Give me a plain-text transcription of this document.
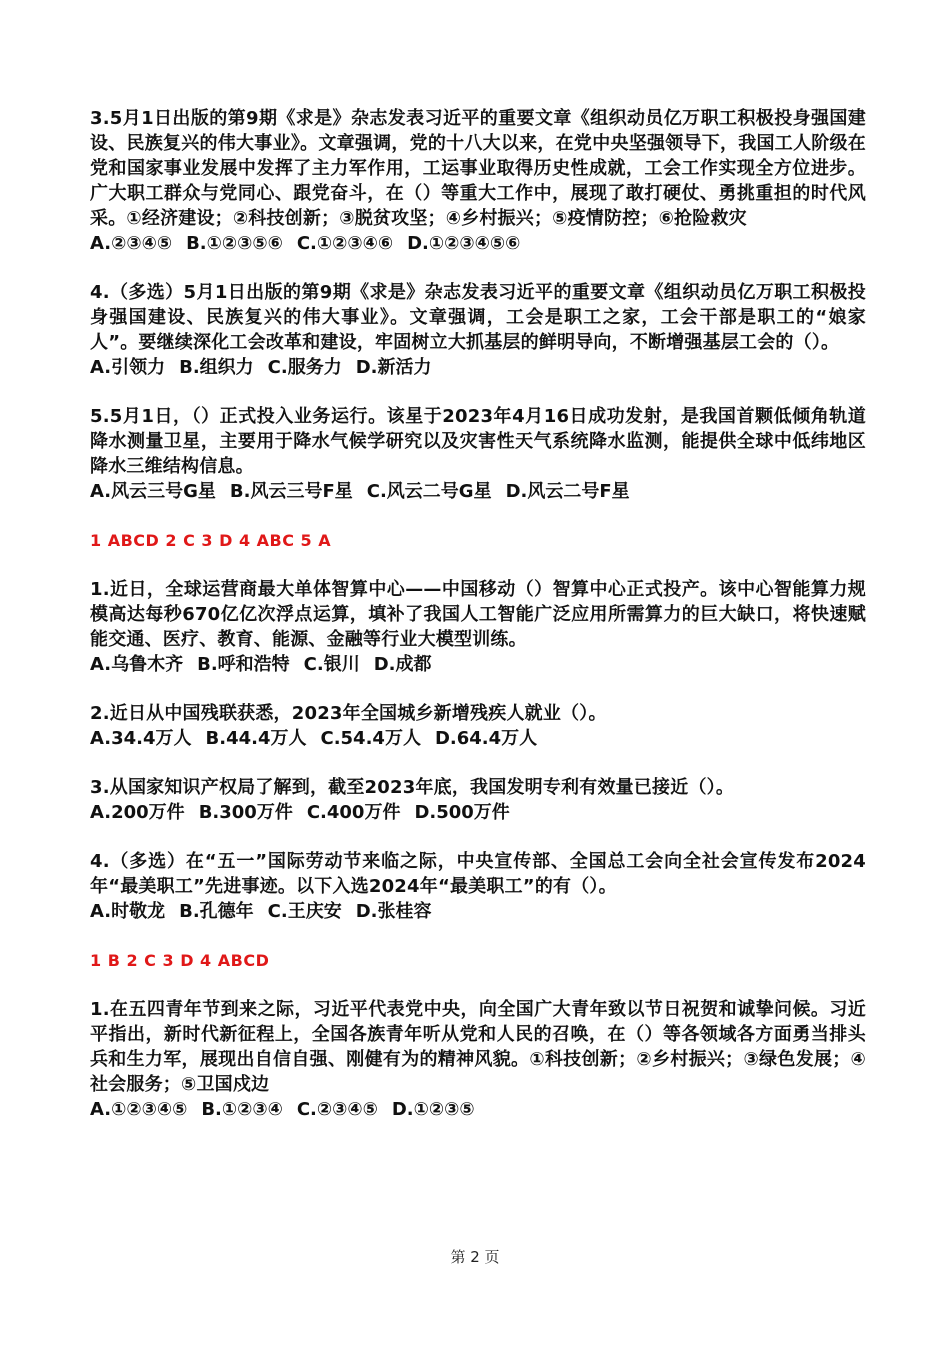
3.5月1日出版的第9期《求是》杂志发表习近平的重要文章《组织动员亿万职工积极投身强国建设、民族复兴的伟大事业》。文章强调，党的十八大以来，在党中央坚强领导下，我国工人阶级在党和国家事业发展中发挥了主力军作用，工运事业取得历史性成就，工会工作实现全方位进步。广大职工群众与党同心、跟党奋斗，在（）等重大工作中，展现了敢打硬仗、勇挑重担的时代风采。①经济建设；②科技创新；③脱贫攻坚；④乡村振兴；⑤疫情防控；⑥抢险救灾

A.②③④⑤ B.①②③⑤⑥ C.①②③④⑥ D.①②③④⑤⑥

4.（多选）5月1日出版的第9期《求是》杂志发表习近平的重要文章《组织动员亿万职工积极投身强国建设、民族复兴的伟大事业》。文章强调，工会是职工之家，工会干部是职工的“娘家人”。要继续深化工会改革和建设，牢固树立大抓基层的鲜明导向，不断增强基层工会的（）。

A.引领力 B.组织力 C.服务力 D.新活力

5.5月1日，（）正式投入业务运行。该星于2023年4月16日成功发射，是我国首颗低倾角轨道降水测量卫星，主要用于降水气候学研究以及灾害性天气系统降水监测，能提供全球中低纬地区降水三维结构信息。

A.风云三号G星 B.风云三号F星 C.风云二号G星 D.风云二号F星

1 ABCD 2 C 3 D 4 ABC 5 A

1.近日，全球运营商最大单体智算中心——中国移动（）智算中心正式投产。该中心智能算力规模高达每秒670亿亿次浮点运算，填补了我国人工智能广泛应用所需算力的巨大缺口，将快速赋能交通、医疗、教育、能源、金融等行业大模型训练。

A.乌鲁木齐 B.呼和浩特 C.银川 D.成都

2.近日从中国残联获悉，2023年全国城乡新增残疾人就业（）。

A.34.4万人 B.44.4万人 C.54.4万人 D.64.4万人

3.从国家知识产权局了解到，截至2023年底，我国发明专利有效量已接近（）。

A.200万件 B.300万件 C.400万件 D.500万件

4.（多选）在“五一”国际劳动节来临之际，中央宣传部、全国总工会向全社会宣传发布2024年“最美职工”先进事迹。以下入选2024年“最美职工”的有（）。

A.时敬龙 B.孔德年 C.王庆安 D.张桂容

1 B 2 C 3 D 4 ABCD

1.在五四青年节到来之际，习近平代表党中央，向全国广大青年致以节日祝贺和诚挚问候。习近平指出，新时代新征程上，全国各族青年听从党和人民的召唤，在（）等各领域各方面勇当排头兵和生力军，展现出自信自强、刚健有为的精神风貌。①科技创新；②乡村振兴；③绿色发展；④社会服务；⑤卫国戍边

A.①②③④⑤ B.①②③④ C.②③④⑤ D.①②③⑤

第 2 页
